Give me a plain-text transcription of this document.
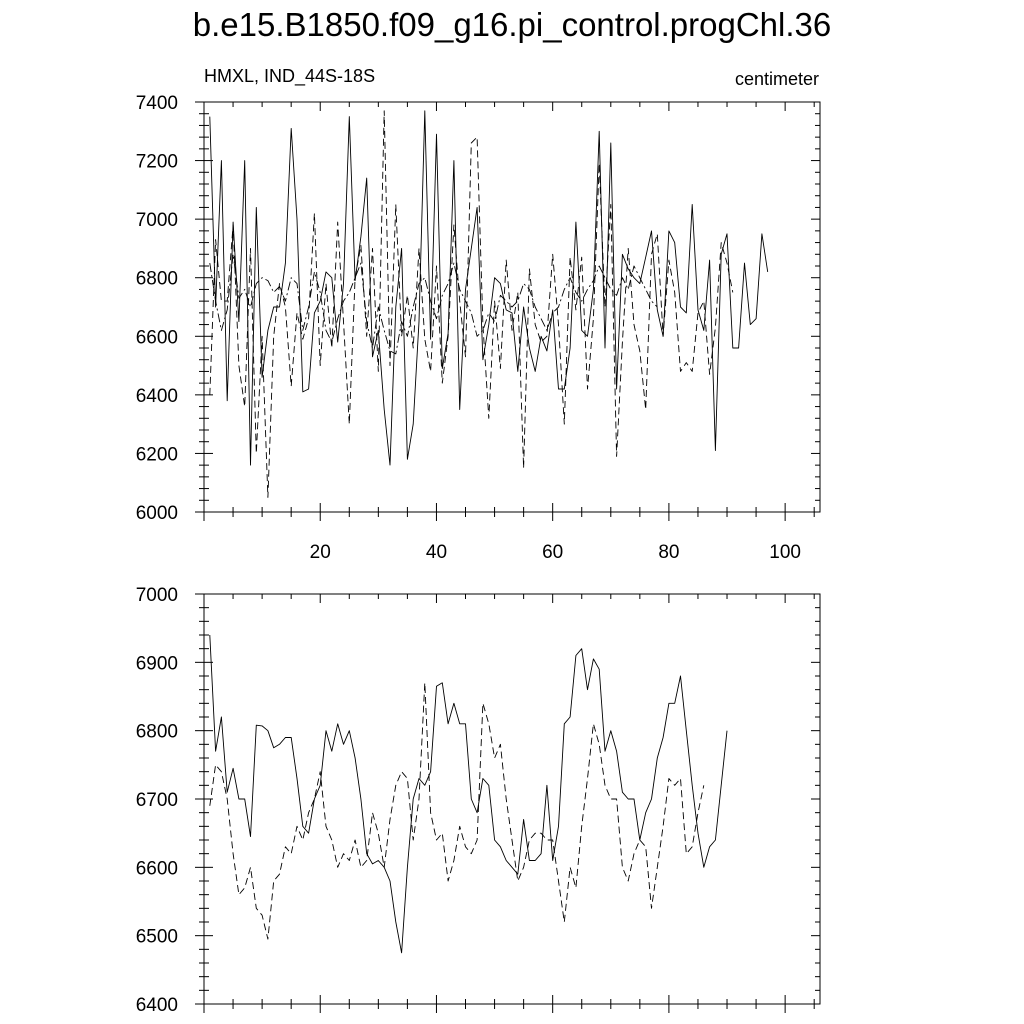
b.e15.B1850.f09_g16.pi_control.progChl.36
HMXL, IND_44S-18S	centimeter
6000
6200
6400
6600
6800
7000
7200
7400
20	40	60	80	100
6400
6500
6600
6700
6800
6900
7000
